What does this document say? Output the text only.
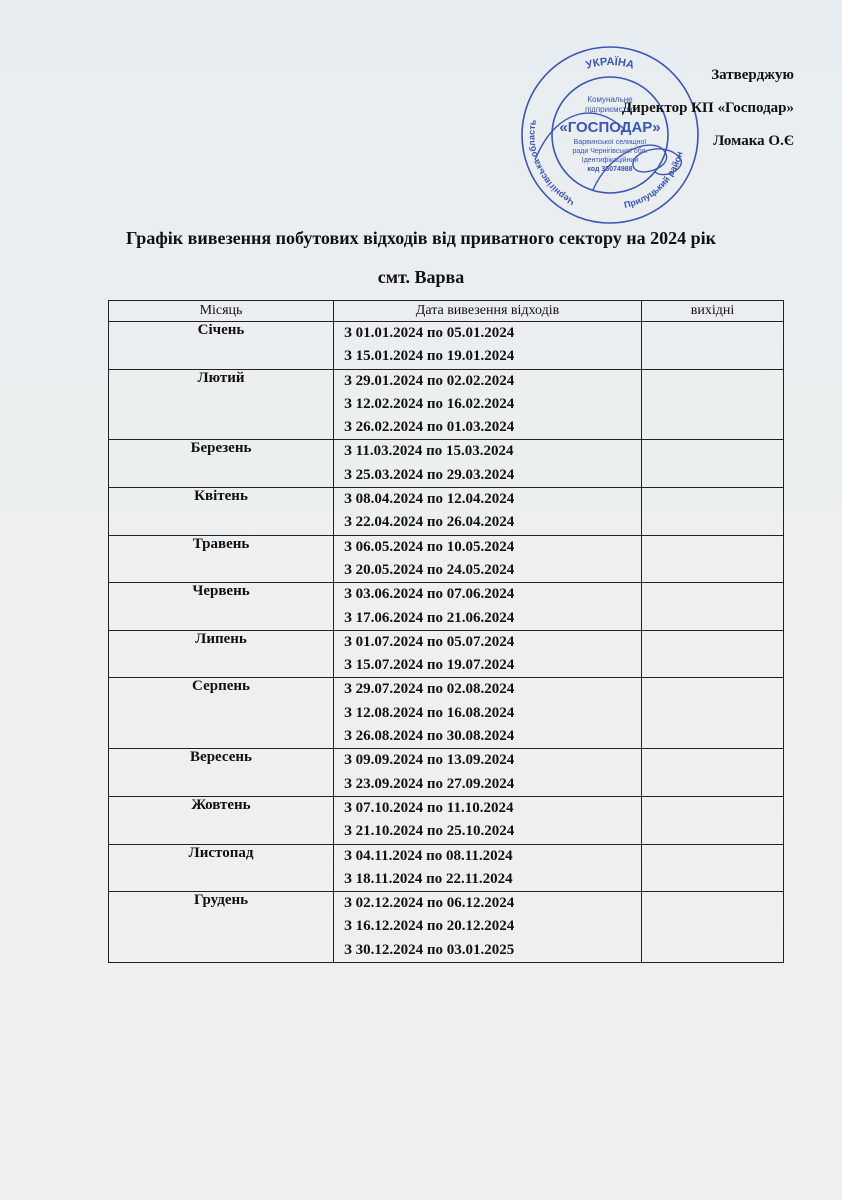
УКРАЇНА
Чернігівська область
Прилуцький район
Комунальне
підприємство
«ГОСПОДАР»
Варвинської селищної
ради Чернігівської обл.
Ідентифікаційний
код 35074988
Затверджую
Директор КП «Господар»
Ломака О.Є
Графік вивезення побутових відходів від приватного сектору на 2024 рік
смт. Варва
Місяць	Дата вивезення відходів	вихідні
Січень	З 01.01.2024 по 05.01.2024
З 15.01.2024 по 19.01.2024	

Лютий	З 29.01.2024 по 02.02.2024
З 12.02.2024 по 16.02.2024
З 26.02.2024 по 01.03.2024	

Березень	З 11.03.2024 по 15.03.2024
З 25.03.2024 по 29.03.2024	

Квітень	З 08.04.2024 по 12.04.2024
З 22.04.2024 по 26.04.2024	

Травень	З 06.05.2024 по 10.05.2024
З 20.05.2024 по 24.05.2024	

Червень	З 03.06.2024 по 07.06.2024
З 17.06.2024 по 21.06.2024	

Липень	З 01.07.2024 по 05.07.2024
З 15.07.2024 по 19.07.2024	

Серпень	З 29.07.2024 по 02.08.2024
З 12.08.2024 по 16.08.2024
З 26.08.2024 по 30.08.2024	

Вересень	З 09.09.2024 по 13.09.2024
З 23.09.2024 по 27.09.2024	

Жовтень	З 07.10.2024 по 11.10.2024
З 21.10.2024 по 25.10.2024	

Листопад	З 04.11.2024 по 08.11.2024
З 18.11.2024 по 22.11.2024	

Грудень	З 02.12.2024 по 06.12.2024
З 16.12.2024 по 20.12.2024
З 30.12.2024 по 03.01.2025	
